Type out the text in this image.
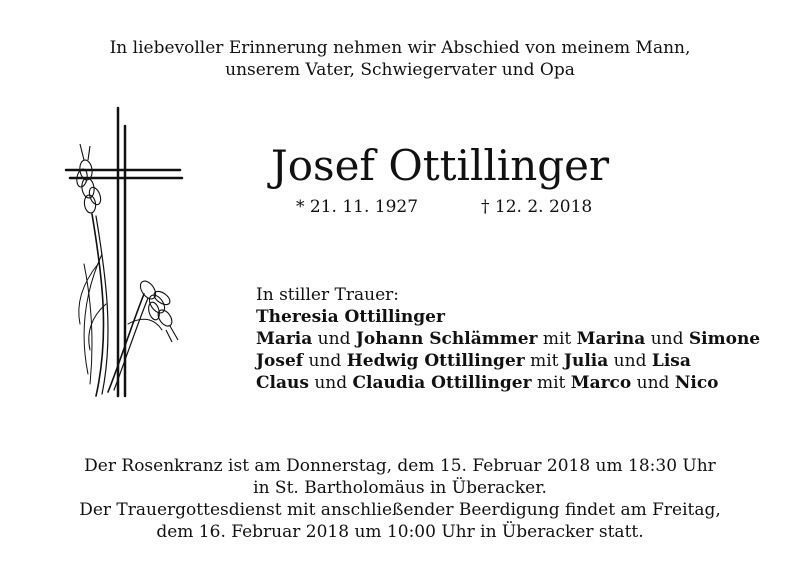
In liebevoller Erinnerung nehmen wir Abschied von meinem Mann,
unserem Vater, Schwiegervater und Opa
Josef Ottillinger
* 21. 11. 1927	† 12. 2. 2018
In stiller Trauer:
Theresia Ottillinger
Maria und Johann Schlämmer mit Marina und Simone
Josef und Hedwig Ottillinger mit Julia und Lisa
Claus und Claudia Ottillinger mit Marco und Nico
Der Rosenkranz ist am Donnerstag, dem 15. Februar 2018 um 18:30 Uhr
in St. Bartholomäus in Überacker.
Der Trauergottesdienst mit anschließender Beerdigung findet am Freitag,
dem 16. Februar 2018 um 10:00 Uhr in Überacker statt.
